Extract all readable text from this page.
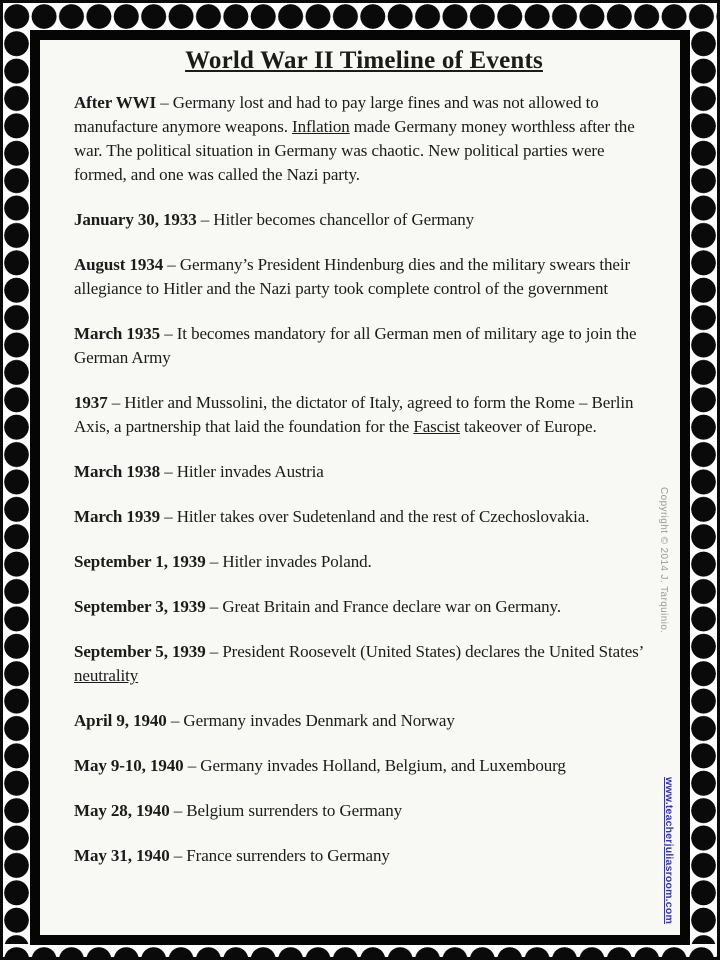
World War II Timeline of Events

After WWI – Germany lost and had to pay large fines and was not allowed to manufacture anymore weapons. Inflation made Germany money worthless after the war. The political situation in Germany was chaotic. New political parties were formed, and one was called the Nazi party.

January 30, 1933 – Hitler becomes chancellor of Germany

August 1934 – Germany’s President Hindenburg dies and the military swears their allegiance to Hitler and the Nazi party took complete control of the government

March 1935 – It becomes mandatory for all German men of military age to join the German Army

1937 – Hitler and Mussolini, the dictator of Italy, agreed to form the Rome – Berlin Axis, a partnership that laid the foundation for the Fascist takeover of Europe.

March 1938 – Hitler invades Austria

March 1939 – Hitler takes over Sudetenland and the rest of Czechoslovakia.

September 1, 1939 – Hitler invades Poland.

September 3, 1939 – Great Britain and France declare war on Germany.

September 5, 1939 – President Roosevelt (United States) declares the United States’ neutrality

April 9, 1940 – Germany invades Denmark and Norway

May 9-10, 1940 – Germany invades Holland, Belgium, and Luxembourg

May 28, 1940 – Belgium surrenders to Germany

May 31, 1940 – France surrenders to Germany

Copyright © 2014 J. Tarquinio.
www.teacherjuliasroom.com
